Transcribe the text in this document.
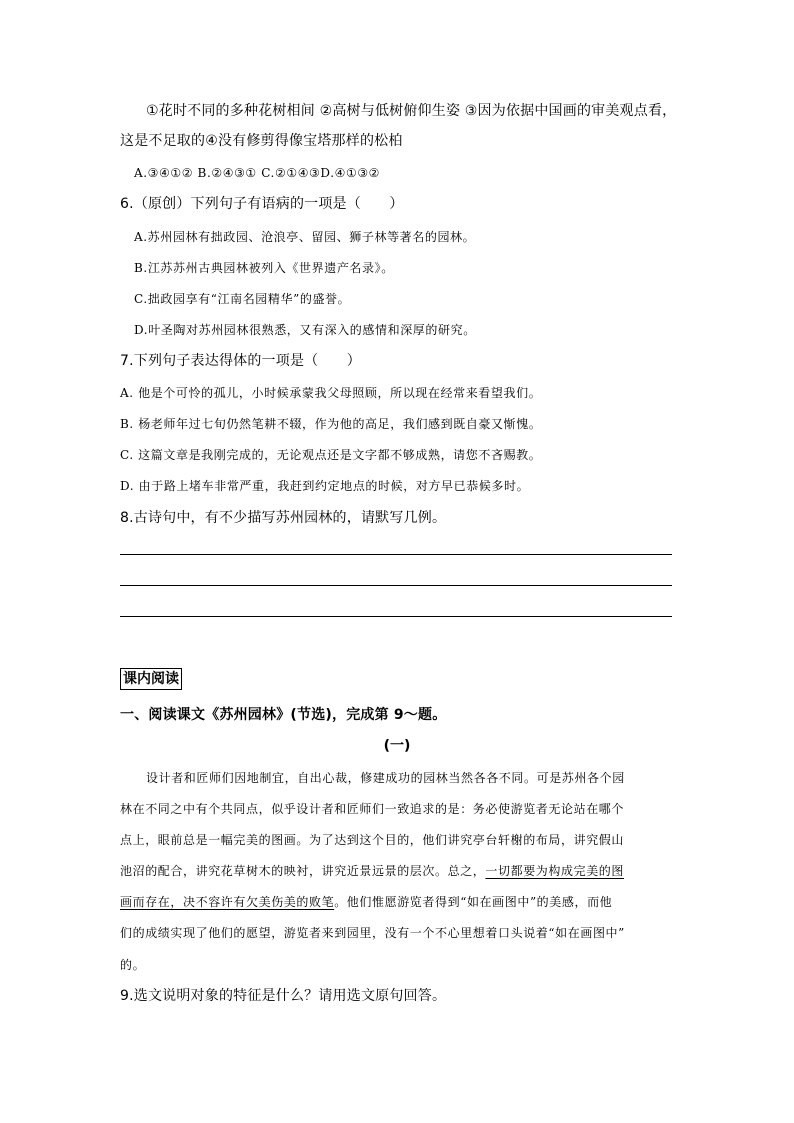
①花时不同的多种花树相间 ②高树与低树俯仰生姿 ③因为依据中国画的审美观点看，
这是不足取的④没有修剪得像宝塔那样的松柏
A.③④①② B.②④③① C.②①④③D.④①③②
6.（原创）下列句子有语病的一项是（　　）
A.苏州园林有拙政园、沧浪亭、留园、狮子林等著名的园林。
B.江苏苏州古典园林被列入《世界遗产名录》。
C.拙政园享有“江南名园精华”的盛誉。
D.叶圣陶对苏州园林很熟悉，又有深入的感情和深厚的研究。
7.下列句子表达得体的一项是（　　）
A. 他是个可怜的孤儿，小时候承蒙我父母照顾，所以现在经常来看望我们。
B. 杨老师年过七旬仍然笔耕不辍，作为他的高足，我们感到既自豪又惭愧。
C. 这篇文章是我刚完成的，无论观点还是文字都不够成熟，请您不吝赐教。
D. 由于路上堵车非常严重，我赶到约定地点的时候，对方早已恭候多时。
8.古诗句中，有不少描写苏州园林的，请默写几例。
课内阅读
一、阅读课文《苏州园林》(节选)，完成第 9～题。
(一)
设计者和匠师们因地制宜，自出心裁，修建成功的园林当然各各不同。可是苏州各个园
林在不同之中有个共同点，似乎设计者和匠师们一致追求的是：务必使游览者无论站在哪个
点上，眼前总是一幅完美的图画。为了达到这个目的，他们讲究亭台轩榭的布局，讲究假山
池沼的配合，讲究花草树木的映衬，讲究近景远景的层次。总之，一切都要为构成完美的图
画而存在，决不容许有欠美伤美的败笔。他们惟愿游览者得到“如在画图中”的美感，而他
们的成绩实现了他们的愿望，游览者来到园里，没有一个不心里想着口头说着“如在画图中”
的。
9.选文说明对象的特征是什么？请用选文原句回答。
